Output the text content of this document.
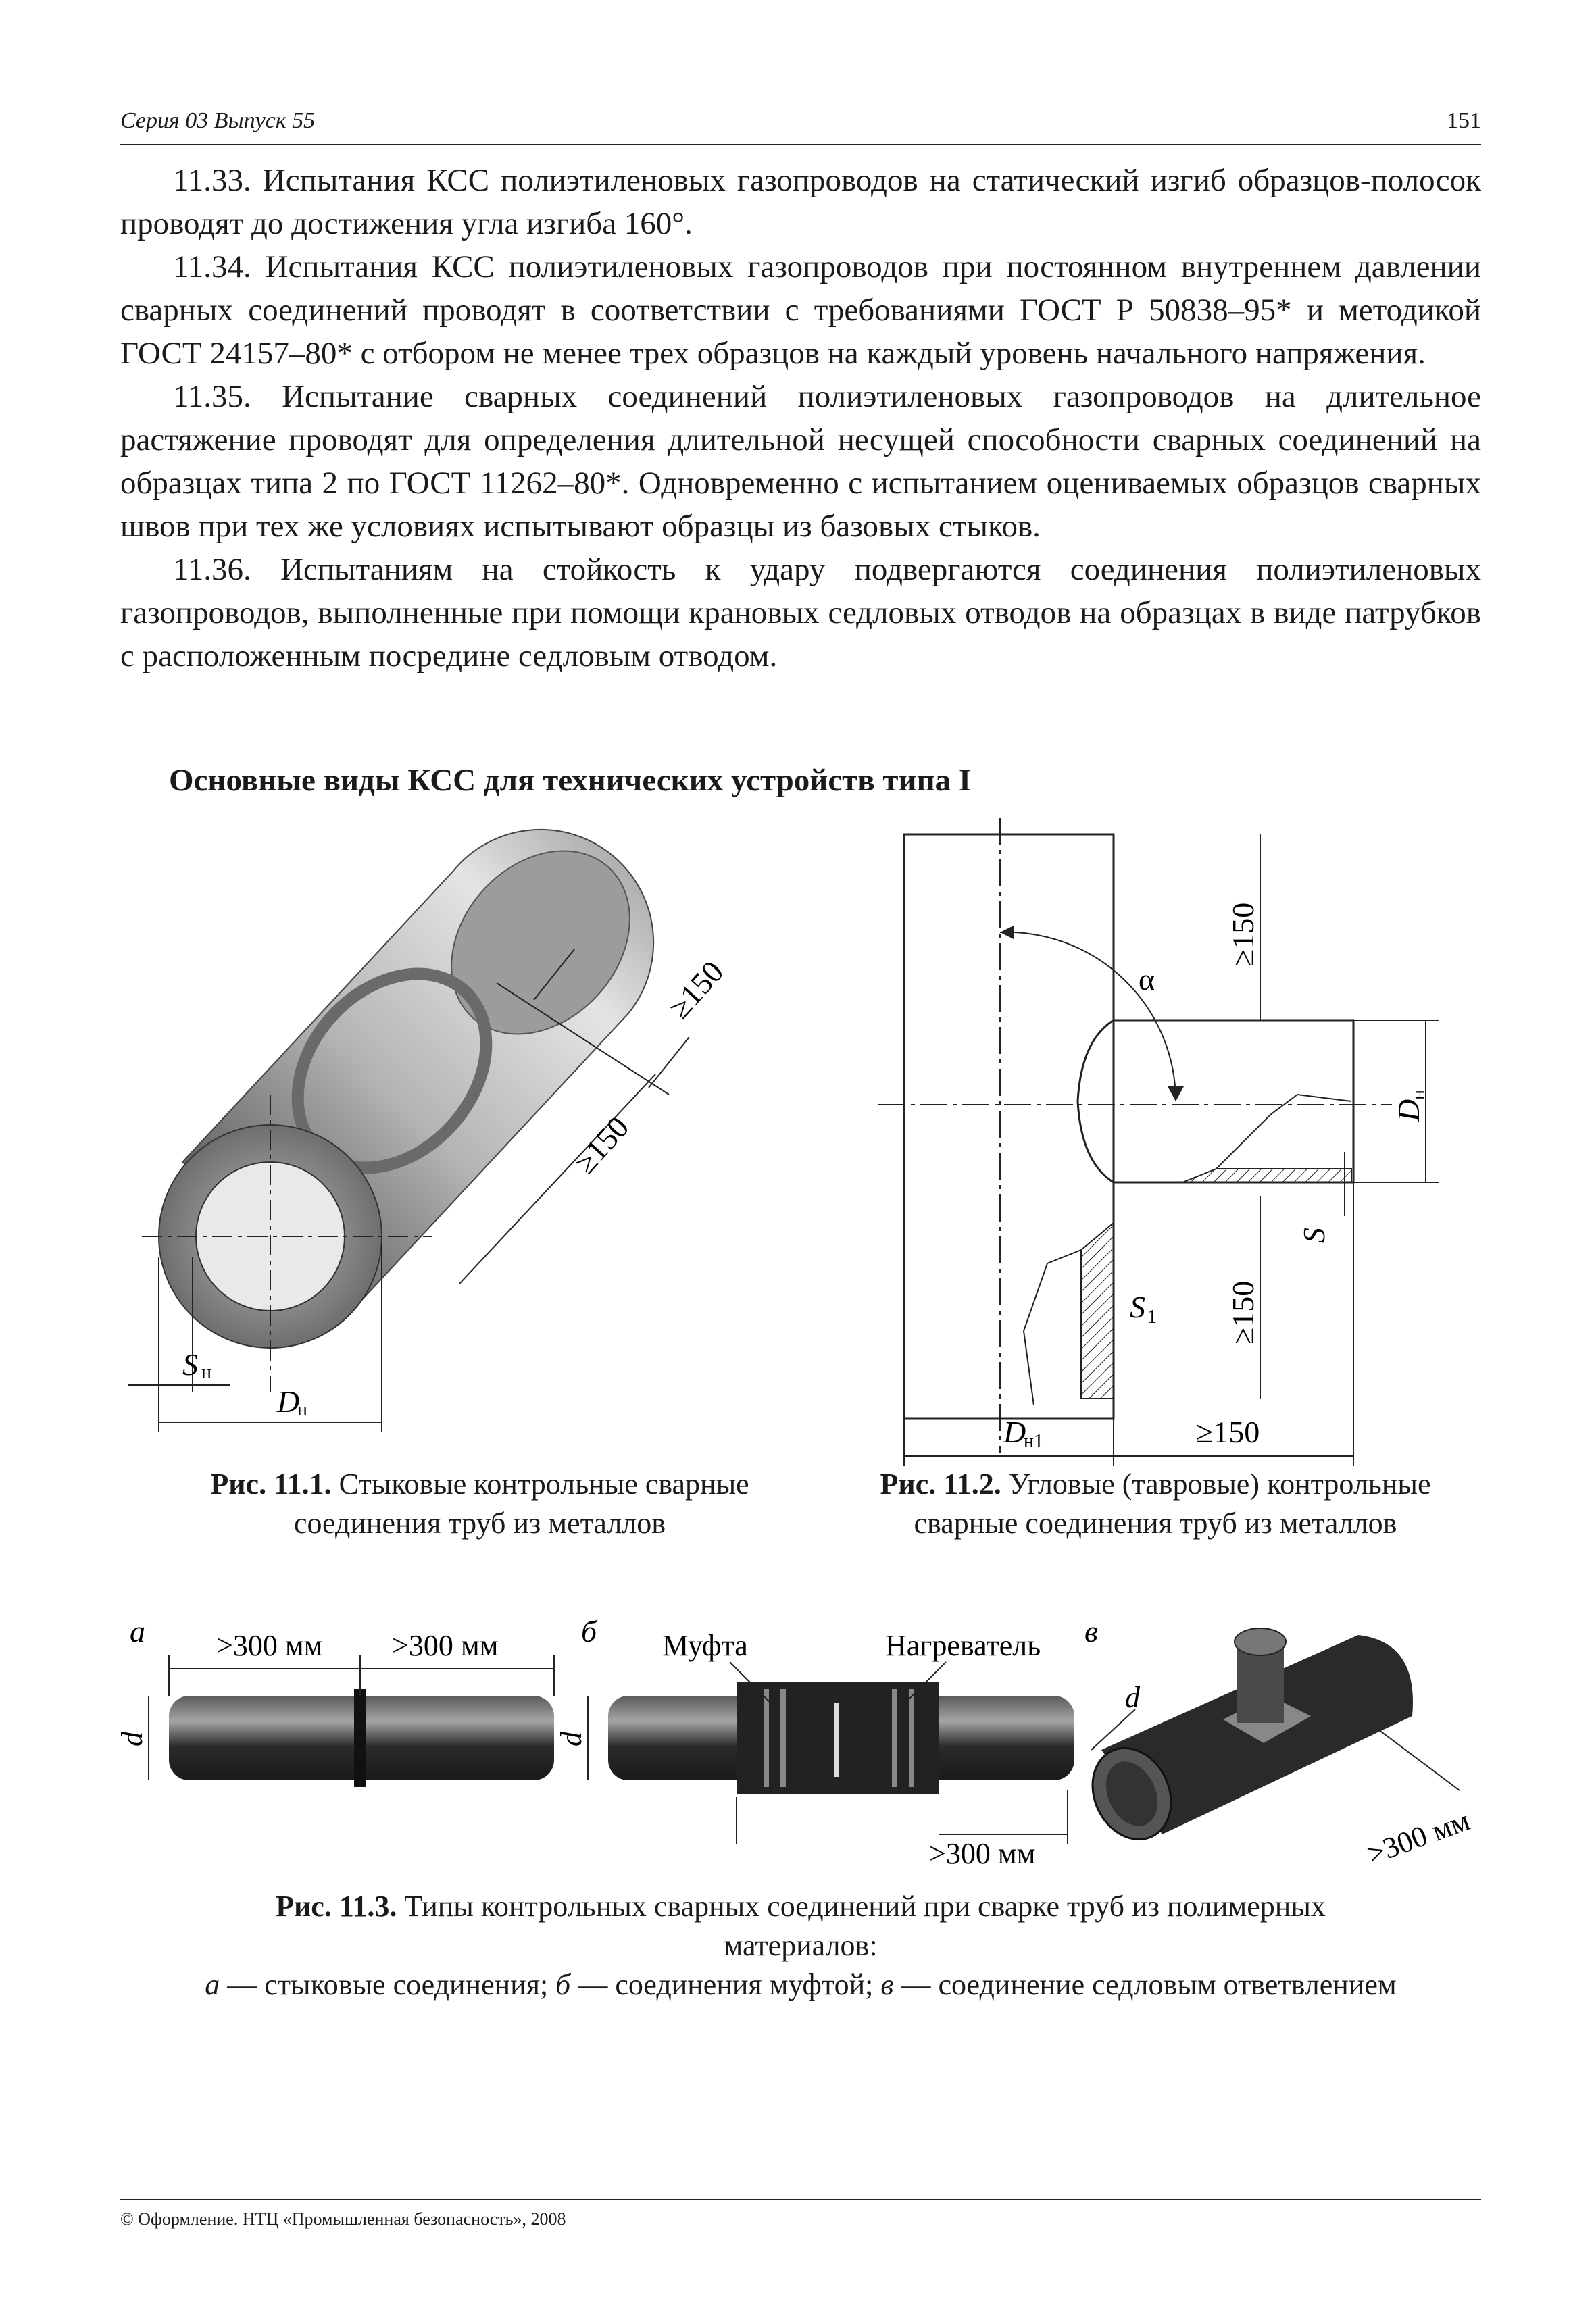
Серия 03 Выпуск 55	151

11.33. Испытания КСС полиэтиленовых газопроводов на статический изгиб образцов-полосок проводят до достижения угла изгиба 160°.

11.34. Испытания КСС полиэтиленовых газопроводов при постоянном внутреннем давлении сварных соединений проводят в соответствии с требованиями ГОСТ Р 50838–95* и методикой ГОСТ 24157–80* с отбором не менее трех образцов на каждый уровень начального напряжения.

11.35. Испытание сварных соединений полиэтиленовых газопроводов на длительное растяжение проводят для определения длительной несущей способности сварных соединений на образцах типа 2 по ГОСТ 11262–80*. Одновременно с испытанием оцениваемых образцов сварных швов при тех же условиях испытывают образцы из базовых стыков.

11.36. Испытаниям на стойкость к удару подвергаются соединения полиэтиленовых газопроводов, выполненные при помощи крановых седловых отводов на образцах в виде патрубков с расположенным посредине седловым отводом.

Основные виды КСС для технических устройств типа I
≥150
≥150
S н
D
н
Рис. 11.1. Стыковые контрольные сварные
соединения труб из металлов
α
≥150
D
н
S
≥150
S 1
D
н1	≥150
Рис. 11.2. Угловые (тавровые) контрольные
сварные соединения труб из металлов
а >300 мм >300 мм
d
б Муфта	Нагреватель
d
>300 мм
в
d
>300 мм
Рис. 11.3. Типы контрольных сварных соединений при сварке труб из полимерных
материалов:
а — стыковые соединения; б — соединения муфтой; в — соединение седловым ответвлением
© Оформление. НТЦ «Промышленная безопасность», 2008
